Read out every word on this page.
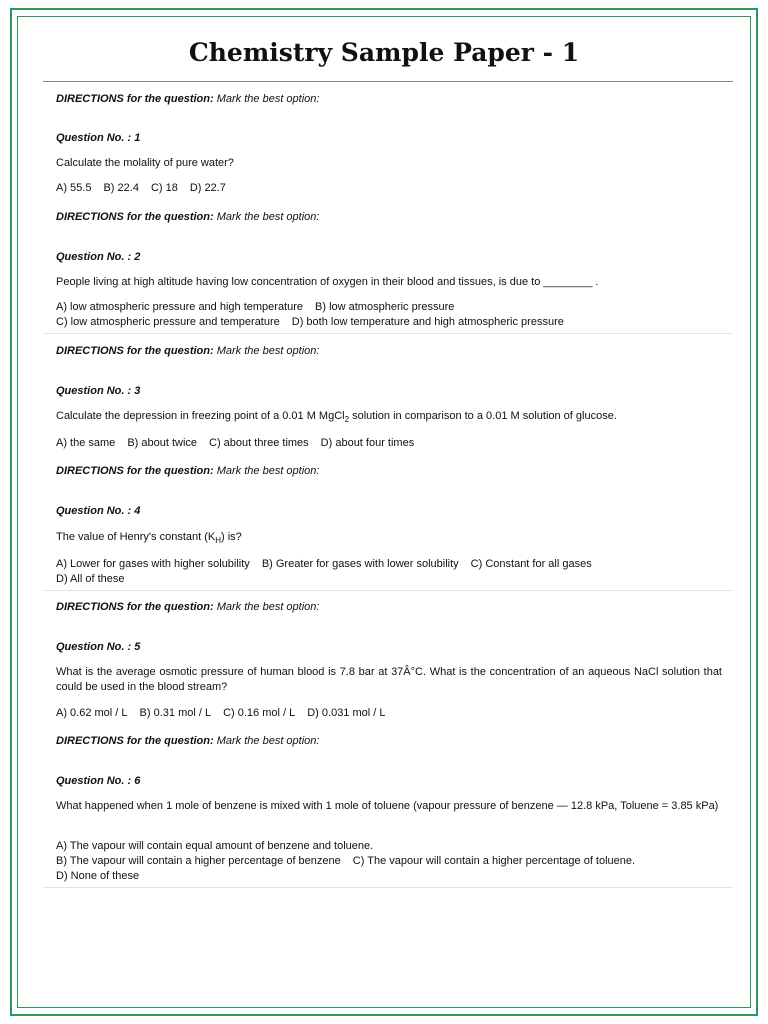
Chemistry Sample Paper - 1
DIRECTIONS for the question: Mark the best option:
Question No. : 1
Calculate the molality of pure water?
A) 55.5 B) 22.4 C) 18 D) 22.7
DIRECTIONS for the question: Mark the best option:
Question No. : 2
People living at high altitude having low concentration of oxygen in their blood and tissues, is due to ________ .
A) low atmospheric pressure and high temperature B) low atmospheric pressure
C) low atmospheric pressure and temperature D) both low temperature and high atmospheric pressure
DIRECTIONS for the question: Mark the best option:
Question No. : 3
Calculate the depression in freezing point of a 0.01 M MgCl$_2$ solution in comparison to a 0.01 M solution of glucose.
A) the same B) about twice C) about three times D) about four times
DIRECTIONS for the question: Mark the best option:
Question No. : 4
The value of Henry's constant $(K_H)$ is?
A) Lower for gases with higher solubility B) Greater for gases with lower solubility C) Constant for all gases
D) All of these
DIRECTIONS for the question: Mark the best option:
Question No. : 5
What is the average osmotic pressure of human blood is 7.8 bar at 37Â°C. What is the concentration of an aqueous NaCl solution that could be used in the blood stream?
A) 0.62 mol / L B) 0.31 mol / L C) 0.16 mol / L D) 0.031 mol / L
DIRECTIONS for the question: Mark the best option:
Question No. : 6
What happened when 1 mole of benzene is mixed with 1 mole of toluene (vapour pressure of benzene — 12.8 kPa, Toluene = 3.85 kPa)
A) The vapour will contain equal amount of benzene and toluene.
B) The vapour will contain a higher percentage of benzene C) The vapour will contain a higher percentage of toluene.
D) None of these
